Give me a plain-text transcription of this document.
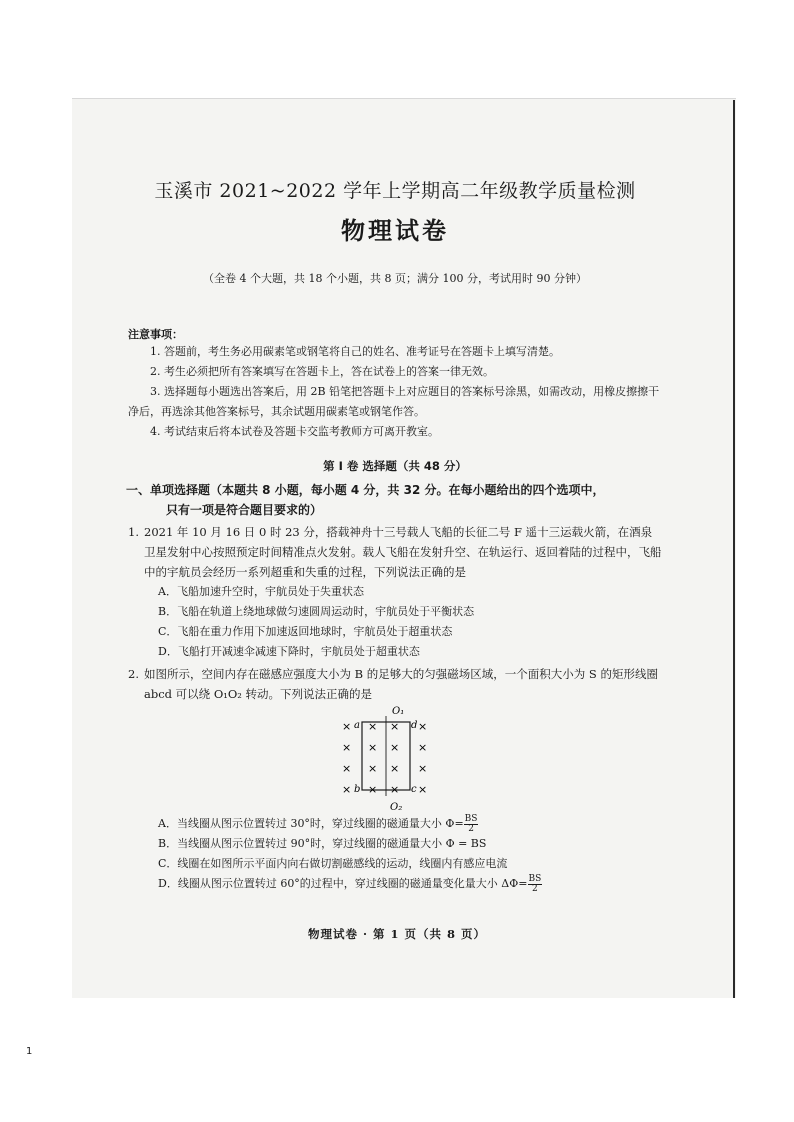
玉溪市 2021~2022 学年上学期高二年级教学质量检测
物理试卷
（全卷 4 个大题，共 18 个小题，共 8 页；满分 100 分，考试用时 90 分钟）
注意事项：
1. 答题前，考生务必用碳素笔或钢笔将自己的姓名、准考证号在答题卡上填写清楚。
2. 考生必须把所有答案填写在答题卡上，答在试卷上的答案一律无效。
3. 选择题每小题选出答案后，用 2B 铅笔把答题卡上对应题目的答案标号涂黑，如需改动，用橡皮擦擦干净后，再选涂其他答案标号，其余试题用碳素笔或钢笔作答。
4. 考试结束后将本试卷及答题卡交监考教师方可离开教室。
第 I 卷 选择题（共 48 分）
一、单项选择题（本题共 8 小题，每小题 4 分，共 32 分。在每小题给出的四个选项中，
只有一项是符合题目要求的）
1. 2021 年 10 月 16 日 0 时 23 分，搭载神舟十三号载人飞船的长征二号 F 遥十三运载火箭，在酒泉卫星发射中心按照预定时间精准点火发射。载人飞船在发射升空、在轨运行、返回着陆的过程中，飞船中的宇航员会经历一系列超重和失重的过程，下列说法正确的是
A．飞船加速升空时，宇航员处于失重状态
B．飞船在轨道上绕地球做匀速圆周运动时，宇航员处于平衡状态
C．飞船在重力作用下加速返回地球时，宇航员处于超重状态
D．飞船打开减速伞减速下降时，宇航员处于超重状态
2. 如图所示，空间内存在磁感应强度大小为 B 的足够大的匀强磁场区域，一个面积大小为 S 的矩形线圈 abcd 可以绕 O₁O₂ 转动。下列说法正确的是
O₁
a	d
b	c
O₂
× × × ×
× × × ×
× × × ×
× × × ×
A．当线圈从图示位置转过 30°时，穿过线圈的磁通量大小 $\Phi= \frac{BS}{2}$
B．当线圈从图示位置转过 90°时，穿过线圈的磁通量大小 Φ = BS
C．线圈在如图所示平面内向右做切割磁感线的运动，线圈内有感应电流
D．线圈从图示位置转过 60°的过程中，穿过线圈的磁通量变化量大小 $\Delta\Phi= \frac{BS}{2}$
物理试卷 · 第 1 页（共 8 页）
1
